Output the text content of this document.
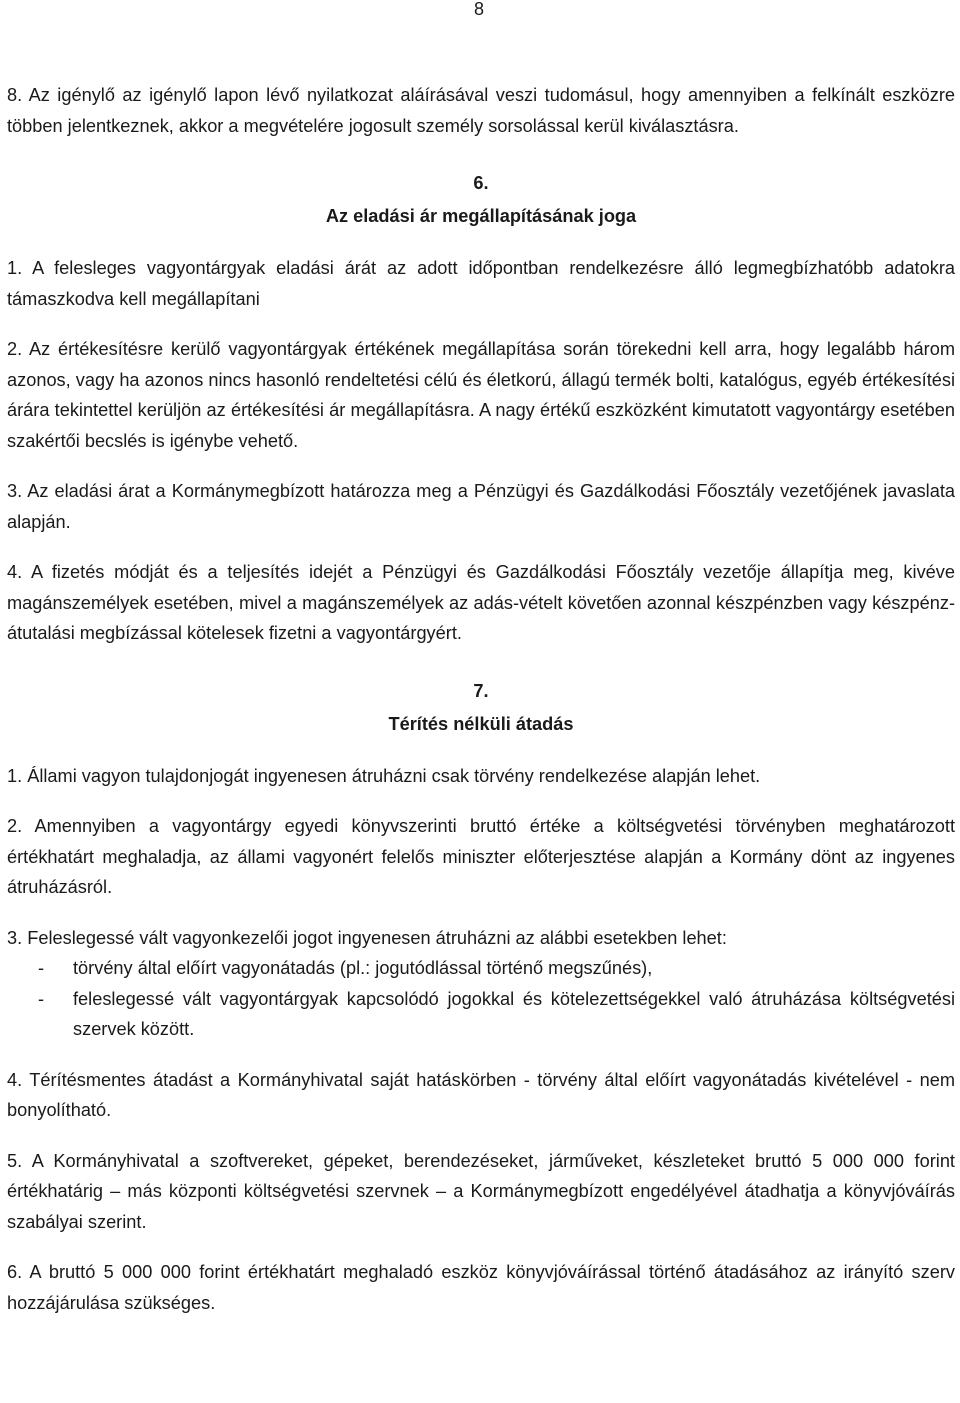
8

8. Az igénylő az igénylő lapon lévő nyilatkozat aláírásával veszi tudomásul, hogy amennyiben a felkínált eszközre többen jelentkeznek, akkor a megvételére jogosult személy sorsolással kerül kiválasztásra.

6.

Az eladási ár megállapításának joga

1. A felesleges vagyontárgyak eladási árát az adott időpontban rendelkezésre álló legmegbízhatóbb adatokra támaszkodva kell megállapítani

2. Az értékesítésre kerülő vagyontárgyak értékének megállapítása során törekedni kell arra, hogy legalább három azonos, vagy ha azonos nincs hasonló rendeltetési célú és életkorú, állagú termék bolti, katalógus, egyéb értékesítési árára tekintettel kerüljön az értékesítési ár megállapításra. A nagy értékű eszközként kimutatott vagyontárgy esetében szakértői becslés is igénybe vehető.

3. Az eladási árat a Kormánymegbízott határozza meg a Pénzügyi és Gazdálkodási Főosztály vezetőjének javaslata alapján.

4. A fizetés módját és a teljesítés idejét a Pénzügyi és Gazdálkodási Főosztály vezetője állapítja meg, kivéve magánszemélyek esetében, mivel a magánszemélyek az adás-vételt követően azonnal készpénzben vagy készpénz-átutalási megbízással kötelesek fizetni a vagyontárgyért.

7.

Térítés nélküli átadás

1. Állami vagyon tulajdonjogát ingyenesen átruházni csak törvény rendelkezése alapján lehet.

2. Amennyiben a vagyontárgy egyedi könyvszerinti bruttó értéke a költségvetési törvényben meghatározott értékhatárt meghaladja, az állami vagyonért felelős miniszter előterjesztése alapján a Kormány dönt az ingyenes átruházásról.

3. Feleslegessé vált vagyonkezelői jogot ingyenesen átruházni az alábbi esetekben lehet:

-	törvény által előírt vagyonátadás (pl.: jogutódlással történő megszűnés),
-	feleslegessé vált vagyontárgyak kapcsolódó jogokkal és kötelezettségekkel való átruházása költségvetési szervek között.

4. Térítésmentes átadást a Kormányhivatal saját hatáskörben - törvény által előírt vagyonátadás kivételével - nem bonyolítható.

5. A Kormányhivatal a szoftvereket, gépeket, berendezéseket, járműveket, készleteket bruttó 5 000 000 forint értékhatárig – más központi költségvetési szervnek – a Kormánymegbízott engedélyével átadhatja a könyvjóváírás szabályai szerint.

6. A bruttó 5 000 000 forint értékhatárt meghaladó eszköz könyvjóváírással történő átadásához az irányító szerv hozzájárulása szükséges.
